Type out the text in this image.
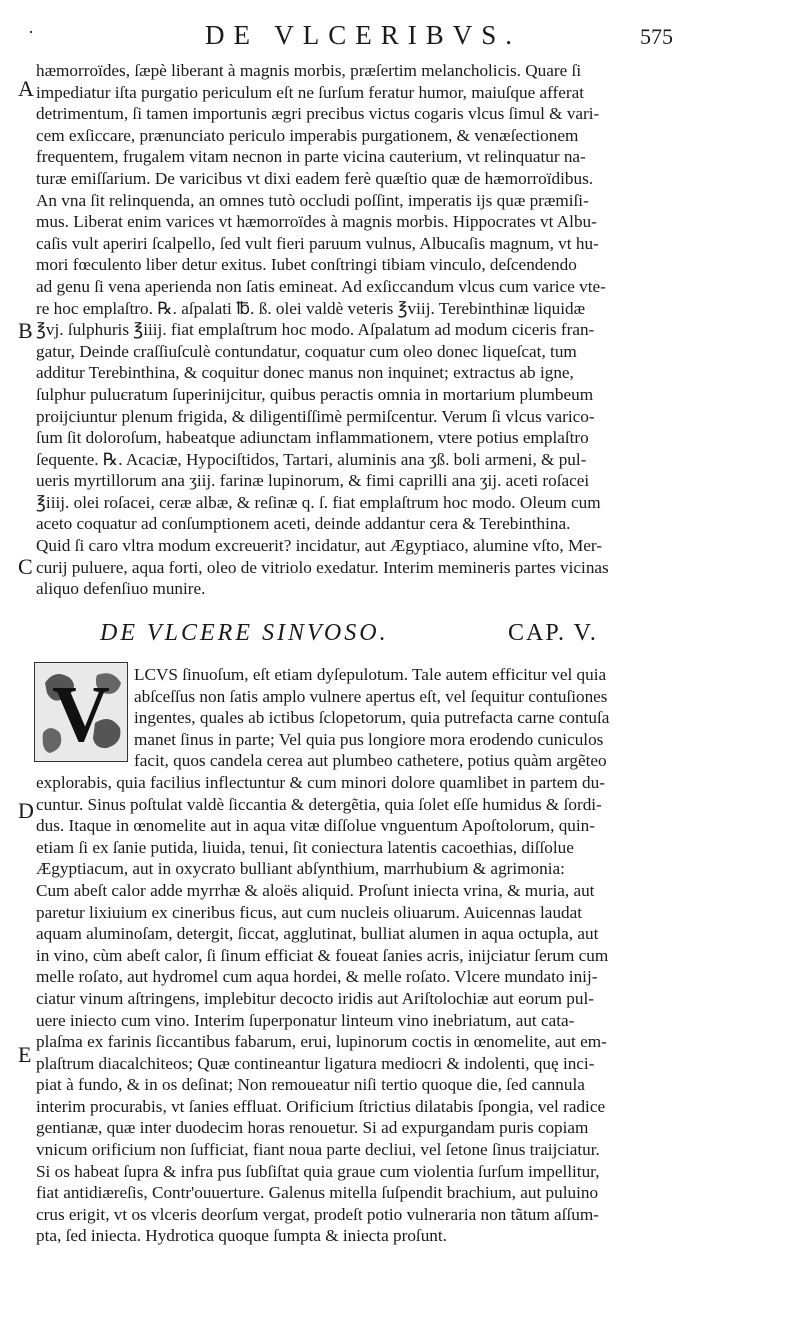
·	DE VLCERIBVS.	575
A
B
C
D
E
hæmorroïdes, ſæpè liberant à magnis morbis, præſertim melancholicis. Quare ſi
impediatur iſta purgatio periculum eſt ne ſurſum feratur humor, maiuſque afferat
detrimentum, ſi tamen importunis ægri precibus victus cogaris vlcus ſimul & vari-
cem exſiccare, prænunciato periculo imperabis purgationem, & venæſectionem
frequentem, frugalem vitam necnon in parte vicina cauterium, vt relinquatur na-
turæ emiſſarium. De varicibus vt dixi eadem ferè quæſtio quæ de hæmorroïdibus.
An vna ſit relinquenda, an omnes tutò occludi poſſint, imperatis ijs quæ præmiſi-
mus. Liberat enim varices vt hæmorroïdes à magnis morbis. Hippocrates vt Albu-
caſis vult aperiri ſcalpello, ſed vult fieri paruum vulnus, Albucaſis magnum, vt hu-
mori fœculento liber detur exitus. Iubet conſtringi tibiam vinculo, deſcendendo
ad genu ſi vena aperienda non ſatis emineat. Ad exſiccandum vlcus cum varice vte-
re hoc emplaſtro. ℞. aſpalati ℔. ß. olei valdè veteris ℥viij. Terebinthinæ liquidæ
℥vj. ſulphuris ℥iiij. fiat emplaſtrum hoc modo. Aſpalatum ad modum ciceris fran-
gatur, Deinde craſſiuſculè contundatur, coquatur cum oleo donec liqueſcat, tum
additur Terebinthina, & coquitur donec manus non inquinet; extractus ab igne,
ſulphur puluєratum ſuperinijcitur, quibus peractis omnia in mortarium plumbeum
proijciuntur plenum frigida, & diligentiſſimè permiſcentur. Verum ſi vlcus varico-
ſum ſit doloroſum, habeatque adiunctam inflammationem, vtere potius emplaſtro
ſequente. ℞. Acaciæ, Hypociſtidos, Tartari, aluminis ana ʒß. boli armeni, & pul-
ueris myrtillorum ana ʒiij. farinæ lupinorum, & fimi caprilli ana ʒij. aceti roſacei
℥iiij. olei roſacei, ceræ albæ, & reſinæ q. ſ. fiat emplaſtrum hoc modo. Oleum cum
aceto coquatur ad conſumptionem aceti, deinde addantur cera & Terebinthina.
Quid ſi caro vltra modum excreuerit? incidatur, aut Ægyptiaco, alumine vſto, Mer-
curij puluere, aqua forti, oleo de vitriolo exedatur. Interim memineris partes vicinas
aliquo defenſiuo munire.
DE VLCERE SINVOSO.	CAP. V.
V LCVS ſinuoſum, eſt etiam dyſepulotum. Tale autem efficitur vel quia
abſceſſus non ſatis amplo vulnere apertus eſt, vel ſequitur contuſiones
ingentes, quales ab ictibus ſclopetorum, quia putrefacta carne contuſa
manet ſinus in parte; Vel quia pus longiore mora erodendo cuniculos
facit, quos candela cerea aut plumbeo cathetere, potius quàm argẽteo
explorabis, quia facilius inflectuntur & cum minori dolore quamlibet in partem du-
cuntur. Sinus poſtulat valdè ſiccantia & detergẽtia, quia ſolet eſſe humidus & ſordi-
dus. Itaque in œnomelite aut in aqua vitæ diſſolue vnguentum Apoſtolorum, quin-
etiam ſi ex ſanie putida, liuida, tenui, ſit coniectura latentis cacoethias, diſſolue
Ægyptiacum, aut in oxycrato bulliant abſynthium, marrhubium & agrimonia:
Cum abeſt calor adde myrrhæ & aloës aliquid. Proſunt iniecta vrina, & muria, aut
paretur lixiuium ex cineribus ficus, aut cum nucleis oliuarum. Auicennas laudat
aquam aluminoſam, detergit, ſiccat, agglutinat, bulliat alumen in aqua octupla, aut
in vino, cùm abeſt calor, ſi ſinum efficiat & foueat ſanies acris, inijciatur ſerum cum
melle roſato, aut hydromel cum aqua hordei, & melle roſato. Vlcere mundato inij-
ciatur vinum aſtringens, implebitur decocto iridis aut Ariſtolochiæ aut eorum pul-
uere iniecto cum vino. Interim ſuperponatur linteum vino inebriatum, aut cata-
plaſma ex farinis ſiccantibus fabarum, erui, lupinorum coctis in œnomelite, aut em-
plaſtrum diacalchiteos; Quæ contineantur ligatura mediocri & indolenti, quę inci-
piat à fundo, & in os deſinat; Non remoueatur niſi tertio quoque die, ſed cannula
interim procurabis, vt ſanies effluat. Orificium ſtrictius dilatabis ſpongia, vel radice
gentianæ, quæ inter duodecim horas renouetur. Si ad expurgandam puris copiam
vnicum orificium non ſufficiat, fiant noua parte decliui, vel ſetone ſinus traijciatur.
Si os habeat ſupra & infra pus ſubſiſtat quia graue cum violentia ſurſum impellitur,
fiat antidiæreſis, Contr'ouuerture. Galenus mitella ſuſpendit brachium, aut puluino
crus erigit, vt os vlceris deorſum vergat, prodeſt potio vulneraria non tãtum aſſum-
pta, ſed iniecta. Hydrotica quoque ſumpta & iniecta proſunt.
